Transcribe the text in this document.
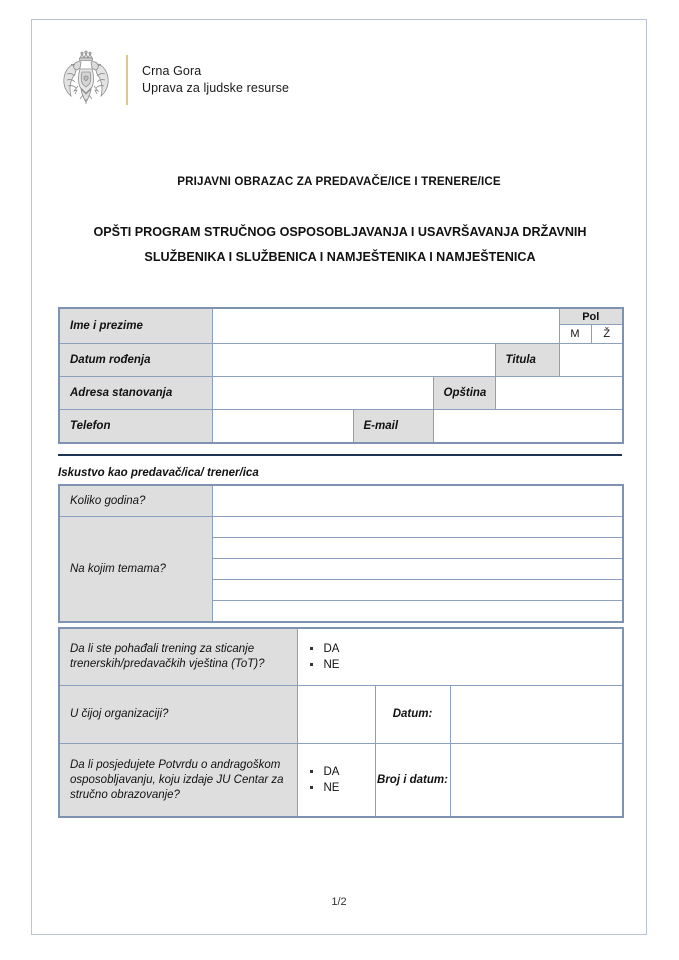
Crna Gora
Uprava za ljudske resurse
PRIJAVNI OBRAZAC ZA PREDAVAČE/ICE I TRENERE/ICE
OPŠTI PROGRAM STRUČNOG OSPOSOBLJAVANJA I USAVRŠAVANJA DRŽAVNIH
SLUŽBENIKA I SLUŽBENICA I NAMJEŠTENIKA I NAMJEŠTENICA
Ime i prezime					Pol	
					M	Ž
Datum rođenja				Titula		
Adresa stanovanja			Opština			
Telefon		E-mail				
Iskustvo kao predavač/ica/ trener/ica
Koliko godina?	
Na kojim temama?	

Da li ste pohađali trening za sticanje trenerskih/predavačkih vještina (ToT)?	
DA
NE

U čijoj organizaciji?		Datum:	
Da li posjedujete Potvrdu o andragoškom osposobljavanju, koju izdaje JU Centar za stručno obrazovanje?	
DA
NE
	Broj i datum:	
1/2
